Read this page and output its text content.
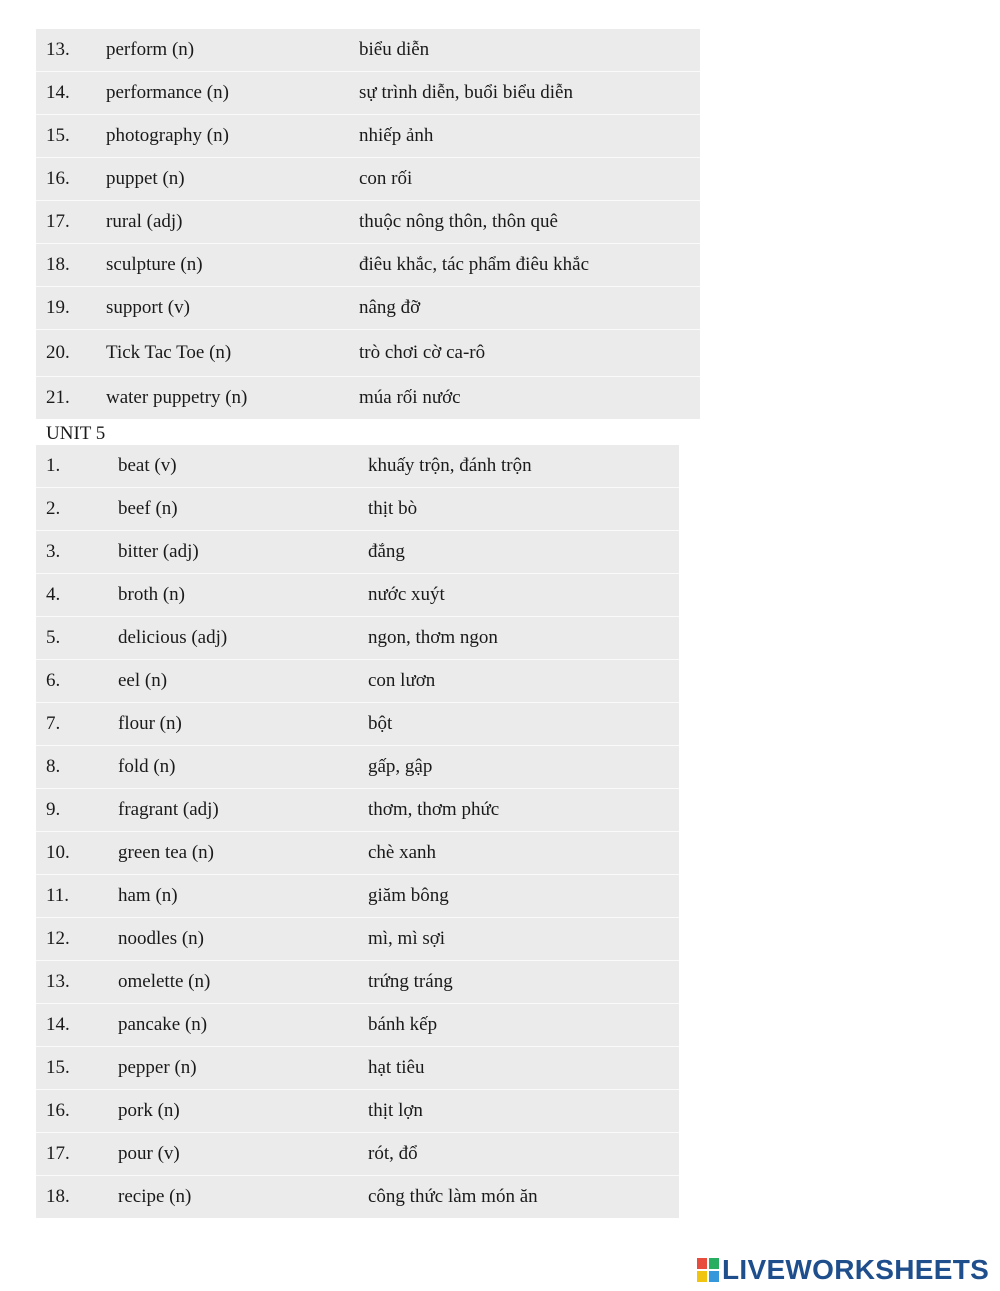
13. perform (n)	biểu diễn
14. performance (n)	sự trình diễn, buổi biểu diễn
15. photography (n)	nhiếp ảnh
16. puppet (n)	con rối
17. rural (adj)	thuộc nông thôn, thôn quê
18. sculpture (n)	điêu khắc, tác phẩm điêu khắc
19. support (v)	nâng đỡ
20. Tick Tac Toe (n)	trò chơi cờ ca-rô
21. water puppetry (n)	múa rối nước
UNIT 5
1.	beat (v)	khuấy trộn, đánh trộn
2.	beef (n)	thịt bò
3.	bitter (adj)	đắng
4.	broth (n)	nước xuýt
5.	delicious (adj)	ngon, thơm ngon
6.	eel (n)	con lươn
7.	flour (n)	bột
8.	fold (n)	gấp, gập
9.	fragrant (adj)	thơm, thơm phức
10.	green tea (n)	chè xanh
11.	ham (n)	giăm bông
12.	noodles (n)	mì, mì sợi
13.	omelette (n)	trứng tráng
14.	pancake (n)	bánh kếp
15.	pepper (n)	hạt tiêu
16.	pork (n)	thịt lợn
17.	pour (v)	rót, đổ
18.	recipe (n)	công thức làm món ăn
LIVEWORKSHEETS
